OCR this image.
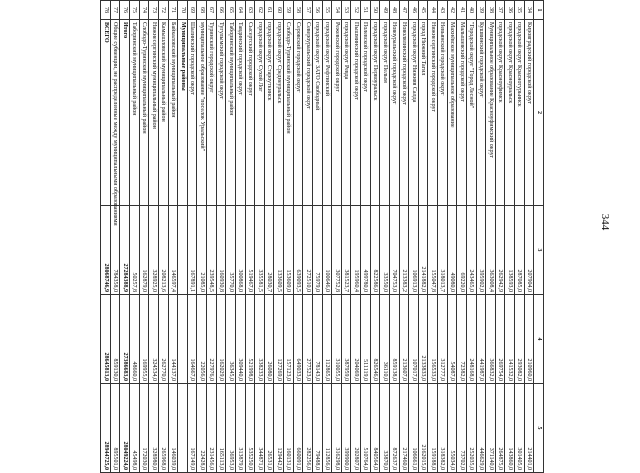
344
1	2	3	4	5
34	Кировградский городской округ	207904,0	210960,0	214401,0
35	городской округ Краснотурьинск	287085,0	293082,0	301405,0
36	городской округ Красноуральск	138593,0	141532,0	143860,0
37	городской округ Красноуфимск	262942,9	269754,0	264875,0
38	Муниципальное образование Красноуфимский округ	363008,4	366832,0	371140,0
39	Кушвинский городской округ	395902,0	441987,0	446629,0
40	"Городской округ "Город Лесной"	243465,0	248168,0	252035,0
41	Малышевский городской округ	69220,0	72382,0	73702,0
42	Махнёвское муниципальное образование	49080,0	54087,0	55034,0
43	Невьянский городской округ	318013,7	312777,0	318382,0
44	Нижнесергинский городской округ	155047,8	156533,0	159188,0
45	город Нижний Тагил	2141882,0	2133833,0	2162015,0
46	городской округ Нижняя Салда	106913,0	107017,0	106661,0
47	Новолялинский городской округ	213383,2	213607,0	217460,0
48	Новоуральский городской округ	704753,0	859138,0	872637,0
49	городской округ Пелым	33550,0	36110,0	33870,0
50	городской округ Первоуральск	822586,0	826546,0	840564,0
51	Полевской городской округ	499780,0	511119,0	510764,0
52	Пышминский городской округ	195960,4	204069,0	202807,0
53	городской округ Ревда	381523,7	387959,0	399900,0
54	Режевской городской округ	307752,8	310055,0	316298,0
55	городской округ Рефтинский	100646,0	112865,0	112856,0
56	городской округ ЗАТО Свободный	75979,0	78143,0	79488,0
57	Североуральский городской округ	272510,0	277523,0	282256,0
58	Серовский городской округ	639093,5	649033,0	660091,0
59	Слободо-Туринский муниципальный район	153609,0	157123,0	160131,0
60	городской округ Среднеуральск	133609,5	127269,0	129442,0
61	городской округ Староуткинск	28030,7	26080,0	26531,0
62	городской округ Сухой Лог	335581,5	338233,0	344871,0
63	Сысертский городской округ	519467,0	521998,0	535250,0
64	Тавдинский городской округ	300868,0	309440,0	313879,0
65	Таборинский муниципальный район	35770,0	36345,0	36953,0
66	Тугулымский городской округ	160930,8	162029,0	165113,0
67	Туринский городской округ	239548,5	227976,0	231456,0
68	муниципальное образование "поселок Уральский"	21085,0	22056,0	22428,0
69	Шалинский городской округ	167891,1	164667,0	167149,0
70	Муниципальные районы			
71	Байкаловский муниципальный район	146597,4	144137,0	146039,0
72	Камышловский муниципальный район	208213,6	262770,0	265968,0
73	Нижнесергинский муниципальный район	328925,0	324534,0	328980,0
74	Слободо-Туринский муниципальный район	162879,0	169955,0	172030,0
75	Таборинский муниципальный район	50257,8	48660,0	45498,0
76	Итого	27284388,9	27386683,0	28049224,0
77	Общие субвенции, не распределенные между муниципальными образованиями	784358,0	859130,0	895501,0
78	ВСЕГО	28068746,9	28645813,0	28944725,0
